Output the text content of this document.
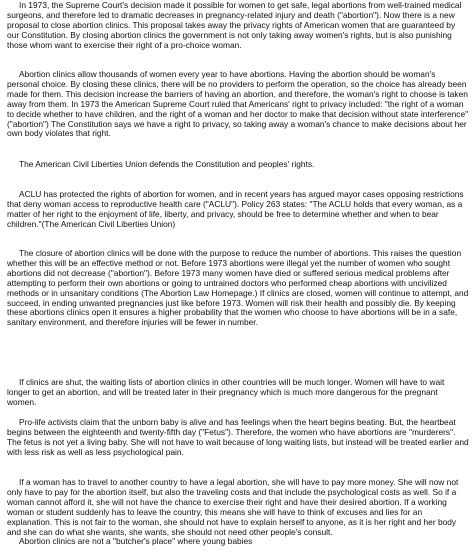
In 1973, the Supreme Court's decision made it possible for women to get safe, legal abortions from well-trained medical surgeons, and therefore led to dramatic decreases in pregnancy-related injury and death ("abortion"). Now there is a new proposal to close abortion clinics. This proposal takes away the privacy rights of American women that are guaranteed by our Constitution. By closing abortion clinics the government is not only taking away women's rights, but is also punishing those whom want to exercise their right of a pro-choice woman.

Abortion clinics allow thousands of women every year to have abortions. Having the abortion should be woman's personal choice. By closing these clinics, there will be no providers to perform the operation, so the choice has already been made for them. This decision increase the barriers of having an abortion, and therefore, the woman's right to choose is taken away from them. In 1973 the American Supreme Court ruled that Americans' right to privacy included: "the right of a woman to decide whether to have children, and the right of a woman and her doctor to make that decision without state interference" ("abortion") The Constitution says we have a right to privacy, so taking away a woman's chance to make decisions about her own body violates that right.

The American Civil Liberties Union defends the Constitution and peoples' rights.

ACLU has protected the rights of abortion for women, and in recent years has argued mayor cases opposing restrictions that deny woman access to reproductive health care ("ACLU"). Policy 263 states: "The ACLU holds that every woman, as a matter of her right to the enjoyment of life, liberty, and privacy, should be free to determine whether and when to bear children."(The American Civil Liberties Union)

The closure of abortion clinics will be done with the purpose to reduce the number of abortions. This raises the question whether this will be an effective method or not. Before 1973 abortions were illegal yet the number of women who sought abortions did not decrease ("abortion"). Before 1973 many women have died or suffered serious medical problems after attempting to perform their own abortions or going to untrained doctors who performed cheap abortions with uncivilized methods or in unsanitary conditions (The Abortion Law Homepage.) If clinics are closed, women will continue to attempt, and succeed, in ending unwanted pregnancies just like before 1973. Women will risk their health and possibly die. By keeping these abortions clinics open it ensures a higher probability that the women who choose to have abortions will be in a safe, sanitary environment, and therefore injuries will be fewer in number.

If clinics are shut, the waiting lists of abortion clinics in other countries will be much longer. Women will have to wait longer to get an abortion, and will be treated later in their pregnancy which is much more dangerous for the pregnant women.

Pro-life activists claim that the unborn baby is alive and has feelings when the heart begins beating. But, the heartbeat begins between the eighteenth and twenty-fifth day ("Fetus"). Therefore, the women who have abortions are "murderers". The fetus is not yet a living baby. She will not have to wait because of long waiting lists, but instead will be treated earlier and with less risk as well as less psychological pain.

If a woman has to travel to another country to have a legal abortion, she will have to pay more money. She will now not only have to pay for the abortion itself, but also the traveling costs and that include the psychological costs as well. So if a woman cannot afford it, she will not have the chance to exercise their right and have their desired abortion. If a working woman or student suddenly has to leave the country, this means she will have to think of excuses and lies for an explanation. This is not fair to the woman, she should not have to explain herself to anyone, as it is her right and her body and she can do what she wants, she wants, she should not need other people's consult.

Abortion clinics are not a "butcher's place" where young babies
